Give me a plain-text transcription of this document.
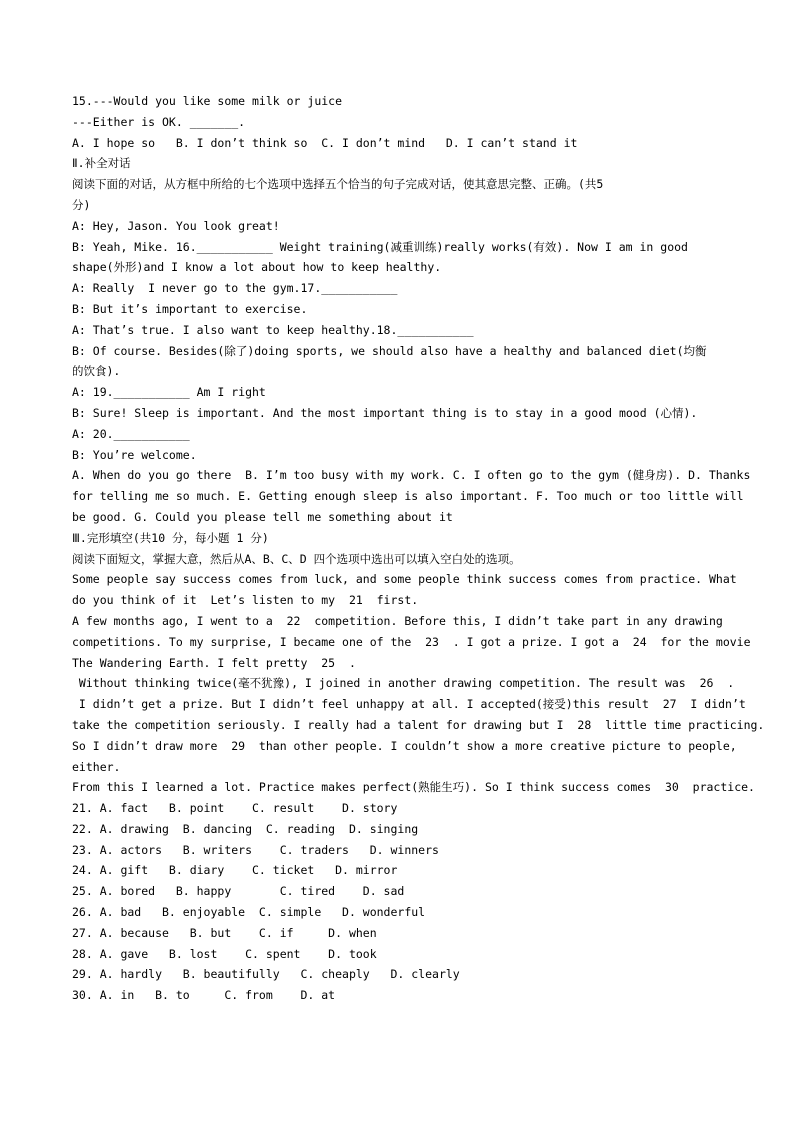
15.---Would you like some milk or juice
---Either is OK. _______.
A. I hope so   B. I don’t think so  C. I don’t mind   D. I can’t stand it
Ⅱ.补全对话
阅读下面的对话，从方框中所给的七个选项中选择五个恰当的句子完成对话，使其意思完整、正确。(共5
分)
A: Hey, Jason. You look great!
B: Yeah, Mike. 16.___________ Weight training(减重训练)really works(有效). Now I am in good
shape(外形)and I know a lot about how to keep healthy.
A: Really  I never go to the gym.17.___________
B: But it’s important to exercise.
A: That’s true. I also want to keep healthy.18.___________
B: Of course. Besides(除了)doing sports, we should also have a healthy and balanced diet(均衡
的饮食).
A: 19.___________ Am I right
B: Sure! Sleep is important. And the most important thing is to stay in a good mood (心情).
A: 20.___________
B: You’re welcome.
A. When do you go there  B. I’m too busy with my work. C. I often go to the gym (健身房). D. Thanks
for telling me so much. E. Getting enough sleep is also important. F. Too much or too little will
be good. G. Could you please tell me something about it
Ⅲ.完形填空(共10 分，每小题 1 分)
阅读下面短文，掌握大意，然后从A、B、C、D 四个选项中选出可以填入空白处的选项。
Some people say success comes from luck, and some people think success comes from practice. What
do you think of it  Let’s listen to my  21  first.
A few months ago, I went to a  22  competition. Before this, I didn’t take part in any drawing
competitions. To my surprise, I became one of the  23  . I got a prize. I got a  24  for the movie
The Wandering Earth. I felt pretty  25  .
Without thinking twice(毫不犹豫), I joined in another drawing competition. The result was  26  .
I didn’t get a prize. But I didn’t feel unhappy at all. I accepted(接受)this result  27  I didn’t
take the competition seriously. I really had a talent for drawing but I  28  little time practicing.
So I didn’t draw more  29  than other people. I couldn’t show a more creative picture to people,
either.
From this I learned a lot. Practice makes perfect(熟能生巧). So I think success comes  30  practice.
21. A. fact   B. point    C. result    D. story
22. A. drawing  B. dancing  C. reading  D. singing
23. A. actors   B. writers    C. traders   D. winners
24. A. gift   B. diary    C. ticket   D. mirror
25. A. bored   B. happy       C. tired    D. sad
26. A. bad   B. enjoyable  C. simple   D. wonderful
27. A. because   B. but    C. if     D. when
28. A. gave   B. lost    C. spent    D. took
29. A. hardly   B. beautifully   C. cheaply   D. clearly
30. A. in   B. to     C. from    D. at
